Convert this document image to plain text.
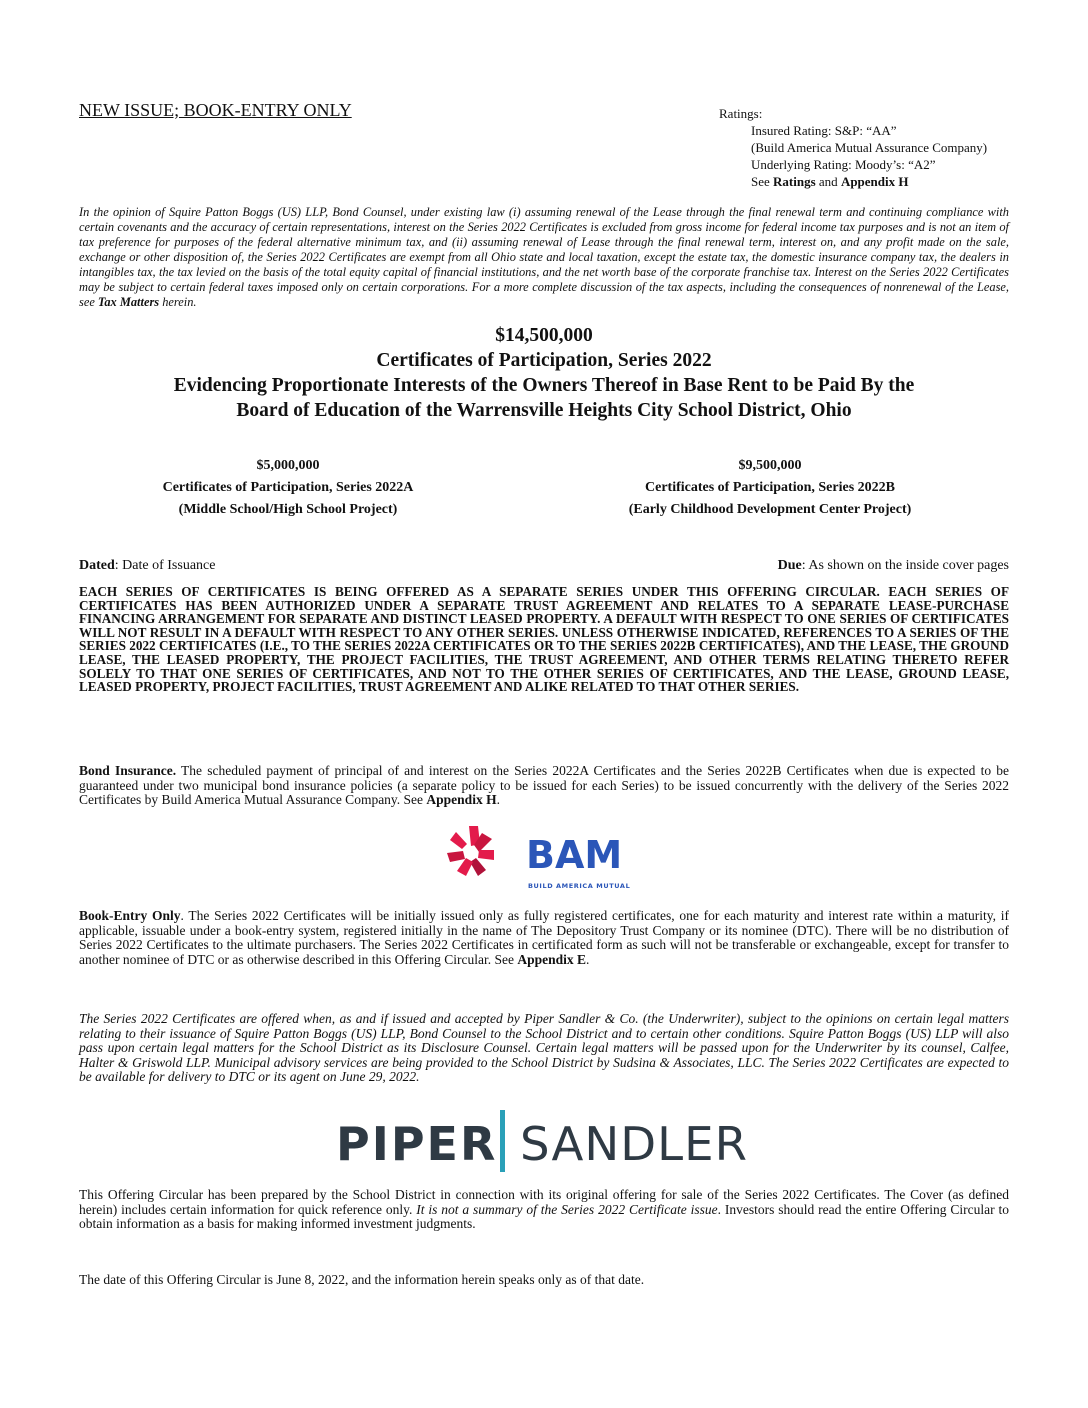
NEW ISSUE; BOOK-ENTRY ONLY	Ratings:
Insured Rating: S&P: “AA”
(Build America Mutual Assurance Company)
Underlying Rating: Moody’s: “A2”
See Ratings and Appendix H
In the opinion of Squire Patton Boggs (US) LLP, Bond Counsel, under existing law (i) assuming renewal of the Lease through the final renewal term and continuing compliance with certain covenants and the accuracy of certain representations, interest on the Series 2022 Certificates is excluded from gross income for federal income tax purposes and is not an item of tax preference for purposes of the federal alternative minimum tax, and (ii) assuming renewal of Lease through the final renewal term, interest on, and any profit made on the sale, exchange or other disposition of, the Series 2022 Certificates are exempt from all Ohio state and local taxation, except the estate tax, the domestic insurance company tax, the dealers in intangibles tax, the tax levied on the basis of the total equity capital of financial institutions, and the net worth base of the corporate franchise tax. Interest on the Series 2022 Certificates may be subject to certain federal taxes imposed only on certain corporations. For a more complete discussion of the tax aspects, including the consequences of nonrenewal of the Lease, see Tax Matters herein.
$14,500,000
Certificates of Participation, Series 2022
Evidencing Proportionate Interests of the Owners Thereof in Base Rent to be Paid By the
Board of Education of the Warrensville Heights City School District, Ohio
$5,000,000
Certificates of Participation, Series 2022A
(Middle School/High School Project)
$9,500,000
Certificates of Participation, Series 2022B
(Early Childhood Development Center Project)
Dated: Date of Issuance	Due: As shown on the inside cover pages
EACH SERIES OF CERTIFICATES IS BEING OFFERED AS A SEPARATE SERIES UNDER THIS OFFERING CIRCULAR. EACH SERIES OF CERTIFICATES HAS BEEN AUTHORIZED UNDER A SEPARATE TRUST AGREEMENT AND RELATES TO A SEPARATE LEASE-PURCHASE FINANCING ARRANGEMENT FOR SEPARATE AND DISTINCT LEASED PROPERTY. A DEFAULT WITH RESPECT TO ONE SERIES OF CERTIFICATES WILL NOT RESULT IN A DEFAULT WITH RESPECT TO ANY OTHER SERIES. UNLESS OTHERWISE INDICATED, REFERENCES TO A SERIES OF THE SERIES 2022 CERTIFICATES (I.E., TO THE SERIES 2022A CERTIFICATES OR TO THE SERIES 2022B CERTIFICATES), AND THE LEASE, THE GROUND LEASE, THE LEASED PROPERTY, THE PROJECT FACILITIES, THE TRUST AGREEMENT, AND OTHER TERMS RELATING THERETO REFER SOLELY TO THAT ONE SERIES OF CERTIFICATES, AND NOT TO THE OTHER SERIES OF CERTIFICATES, AND THE LEASE, GROUND LEASE, LEASED PROPERTY, PROJECT FACILITIES, TRUST AGREEMENT AND ALIKE RELATED TO THAT OTHER SERIES.
Bond Insurance. The scheduled payment of principal of and interest on the Series 2022A Certificates and the Series 2022B Certificates when due is expected to be guaranteed under two municipal bond insurance policies (a separate policy to be issued for each Series) to be issued concurrently with the delivery of the Series 2022 Certificates by Build America Mutual Assurance Company. See Appendix H.
BAM
BUILD AMERICA MUTUAL
Book-Entry Only. The Series 2022 Certificates will be initially issued only as fully registered certificates, one for each maturity and interest rate within a maturity, if applicable, issuable under a book-entry system, registered initially in the name of The Depository Trust Company or its nominee (DTC). There will be no distribution of Series 2022 Certificates to the ultimate purchasers. The Series 2022 Certificates in certificated form as such will not be transferable or exchangeable, except for transfer to another nominee of DTC or as otherwise described in this Offering Circular. See Appendix E.
The Series 2022 Certificates are offered when, as and if issued and accepted by Piper Sandler & Co. (the Underwriter), subject to the opinions on certain legal matters relating to their issuance of Squire Patton Boggs (US) LLP, Bond Counsel to the School District and to certain other conditions. Squire Patton Boggs (US) LLP will also pass upon certain legal matters for the School District as its Disclosure Counsel. Certain legal matters will be passed upon for the Underwriter by its counsel, Calfee, Halter & Griswold LLP. Municipal advisory services are being provided to the School District by Sudsina & Associates, LLC. The Series 2022 Certificates are expected to be available for delivery to DTC or its agent on June 29, 2022.
PIPER SANDLER
This Offering Circular has been prepared by the School District in connection with its original offering for sale of the Series 2022 Certificates. The Cover (as defined herein) includes certain information for quick reference only. It is not a summary of the Series 2022 Certificate issue. Investors should read the entire Offering Circular to obtain information as a basis for making informed investment judgments.
The date of this Offering Circular is June 8, 2022, and the information herein speaks only as of that date.
